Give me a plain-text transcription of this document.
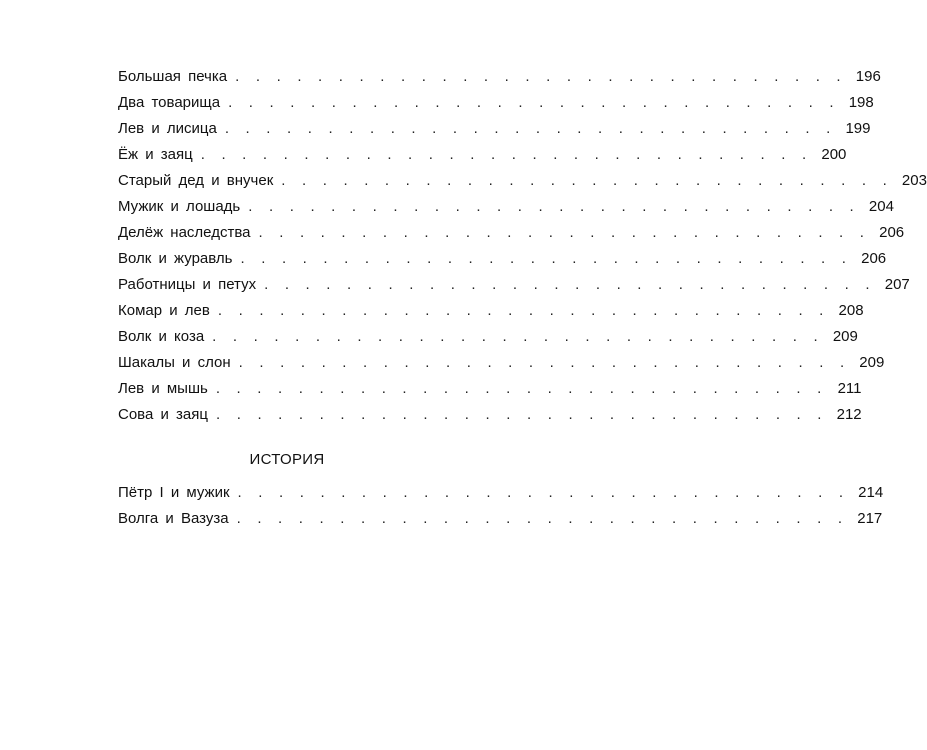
Большая печка . . . . . . . . . . . . . . . . . . . . . . . . . . . . . . 196
Два товарища . . . . . . . . . . . . . . . . . . . . . . . . . . . . . . 198
Лев и лисица . . . . . . . . . . . . . . . . . . . . . . . . . . . . . . 199
Ёж и заяц . . . . . . . . . . . . . . . . . . . . . . . . . . . . . . 200
Старый дед и внучек . . . . . . . . . . . . . . . . . . . . . . . . . . . . . . 203
Мужик и лошадь . . . . . . . . . . . . . . . . . . . . . . . . . . . . . . 204
Делёж наследства . . . . . . . . . . . . . . . . . . . . . . . . . . . . . . 206
Волк и журавль . . . . . . . . . . . . . . . . . . . . . . . . . . . . . . 206
Работницы и петух . . . . . . . . . . . . . . . . . . . . . . . . . . . . . . 207
Комар и лев . . . . . . . . . . . . . . . . . . . . . . . . . . . . . . 208
Волк и коза . . . . . . . . . . . . . . . . . . . . . . . . . . . . . . 209
Шакалы и слон . . . . . . . . . . . . . . . . . . . . . . . . . . . . . . 209
Лев и мышь . . . . . . . . . . . . . . . . . . . . . . . . . . . . . . 211
Сова и заяц . . . . . . . . . . . . . . . . . . . . . . . . . . . . . . 212
ИСТОРИЯ
Пётр I и мужик . . . . . . . . . . . . . . . . . . . . . . . . . . . . . . 214
Волга и Вазуза . . . . . . . . . . . . . . . . . . . . . . . . . . . . . . 217
